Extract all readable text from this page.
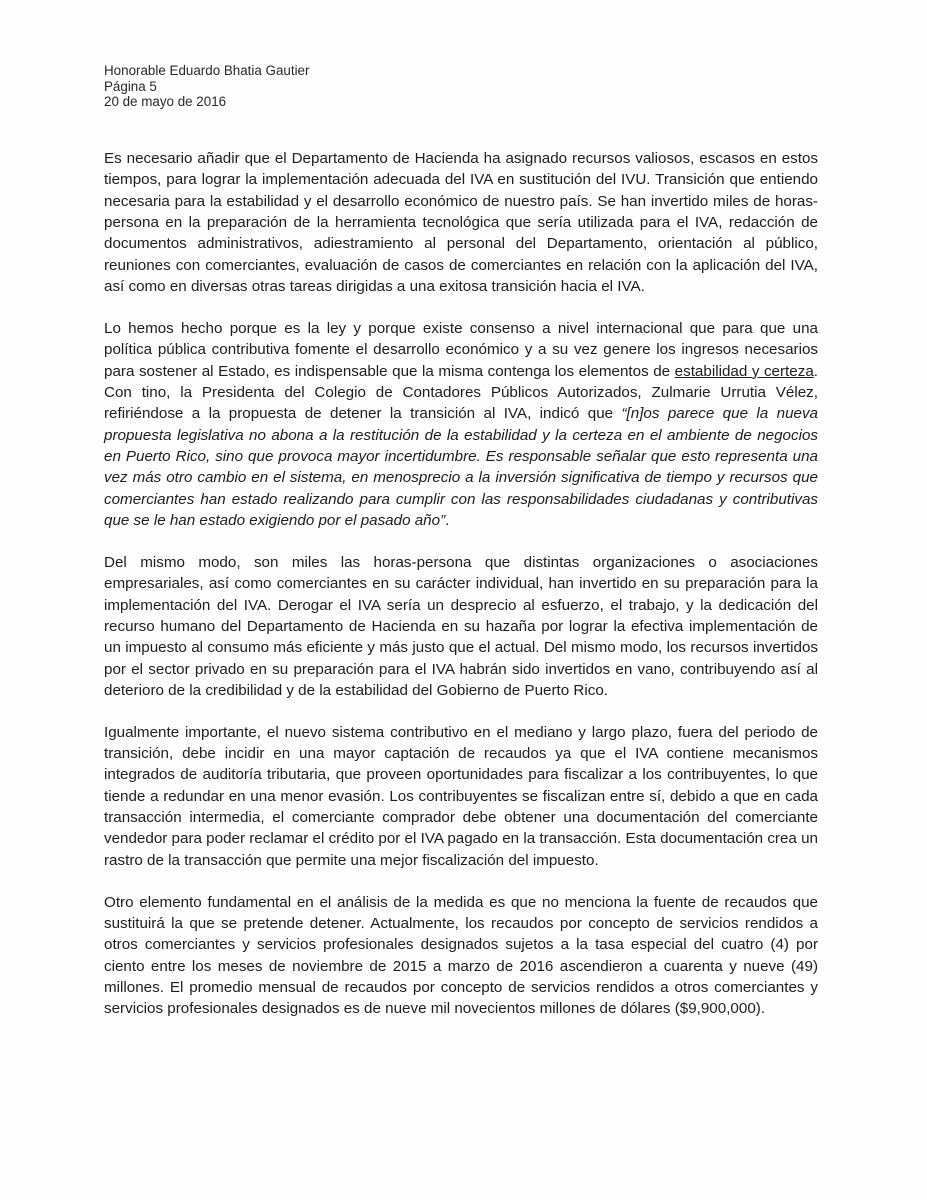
Honorable Eduardo Bhatia Gautier
Página 5
20 de mayo de 2016

Es necesario añadir que el Departamento de Hacienda ha asignado recursos valiosos, escasos en estos tiempos, para lograr la implementación adecuada del IVA en sustitución del IVU. Transición que entiendo necesaria para la estabilidad y el desarrollo económico de nuestro país. Se han invertido miles de horas-persona en la preparación de la herramienta tecnológica que sería utilizada para el IVA, redacción de documentos administrativos, adiestramiento al personal del Departamento, orientación al público, reuniones con comerciantes, evaluación de casos de comerciantes en relación con la aplicación del IVA, así como en diversas otras tareas dirigidas a una exitosa transición hacia el IVA.

Lo hemos hecho porque es la ley y porque existe consenso a nivel internacional que para que una política pública contributiva fomente el desarrollo económico y a su vez genere los ingresos necesarios para sostener al Estado, es indispensable que la misma contenga los elementos de estabilidad y certeza. Con tino, la Presidenta del Colegio de Contadores Públicos Autorizados, Zulmarie Urrutia Vélez, refiriéndose a la propuesta de detener la transición al IVA, indicó que “[n]os parece que la nueva propuesta legislativa no abona a la restitución de la estabilidad y la certeza en el ambiente de negocios en Puerto Rico, sino que provoca mayor incertidumbre. Es responsable señalar que esto representa una vez más otro cambio en el sistema, en menosprecio a la inversión significativa de tiempo y recursos que comerciantes han estado realizando para cumplir con las responsabilidades ciudadanas y contributivas que se le han estado exigiendo por el pasado año”.

Del mismo modo, son miles las horas-persona que distintas organizaciones o asociaciones empresariales, así como comerciantes en su carácter individual, han invertido en su preparación para la implementación del IVA. Derogar el IVA sería un desprecio al esfuerzo, el trabajo, y la dedicación del recurso humano del Departamento de Hacienda en su hazaña por lograr la efectiva implementación de un impuesto al consumo más eficiente y más justo que el actual. Del mismo modo, los recursos invertidos por el sector privado en su preparación para el IVA habrán sido invertidos en vano, contribuyendo así al deterioro de la credibilidad y de la estabilidad del Gobierno de Puerto Rico.

Igualmente importante, el nuevo sistema contributivo en el mediano y largo plazo, fuera del periodo de transición, debe incidir en una mayor captación de recaudos ya que el IVA contiene mecanismos integrados de auditoría tributaria, que proveen oportunidades para fiscalizar a los contribuyentes, lo que tiende a redundar en una menor evasión. Los contribuyentes se fiscalizan entre sí, debido a que en cada transacción intermedia, el comerciante comprador debe obtener una documentación del comerciante vendedor para poder reclamar el crédito por el IVA pagado en la transacción. Esta documentación crea un rastro de la transacción que permite una mejor fiscalización del impuesto.

Otro elemento fundamental en el análisis de la medida es que no menciona la fuente de recaudos que sustituirá la que se pretende detener. Actualmente, los recaudos por concepto de servicios rendidos a otros comerciantes y servicios profesionales designados sujetos a la tasa especial del cuatro (4) por ciento entre los meses de noviembre de 2015 a marzo de 2016 ascendieron a cuarenta y nueve (49) millones. El promedio mensual de recaudos por concepto de servicios rendidos a otros comerciantes y servicios profesionales designados es de nueve mil novecientos millones de dólares ($9,900,000).
